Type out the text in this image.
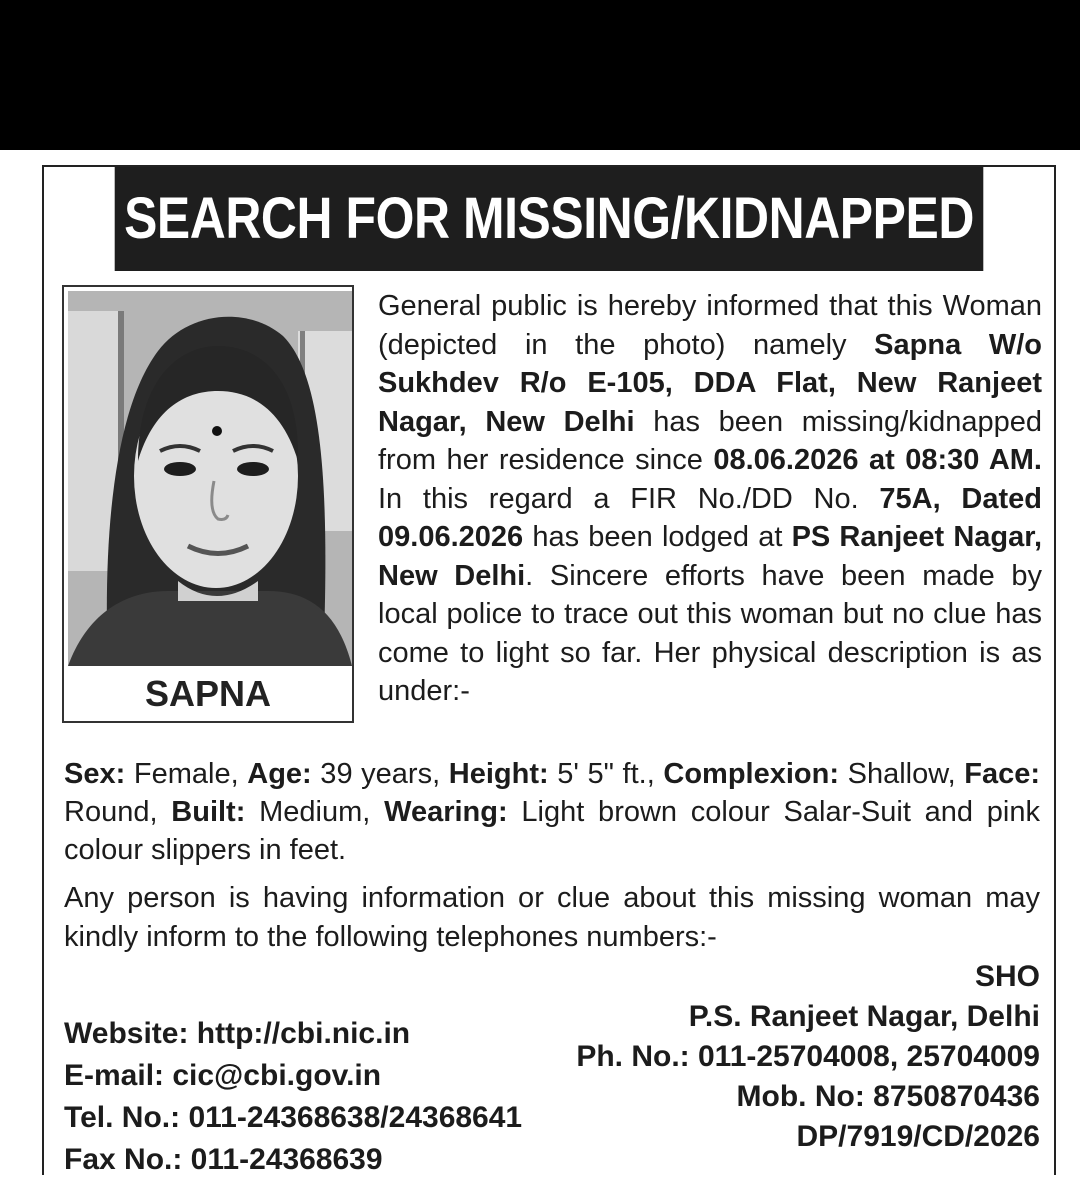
SEARCH FOR MISSING/KIDNAPPED
SAPNA
General public is hereby informed that this Woman (depicted in the photo) namely Sapna W/o Sukhdev R/o E-105, DDA Flat, New Ranjeet Nagar, New Delhi has been missing/kidnapped from her residence since 08.06.2026 at 08:30 AM. In this regard a FIR No./DD No. 75A, Dated 09.06.2026 has been lodged at PS Ranjeet Nagar, New Delhi. Sincere efforts have been made by local police to trace out this woman but no clue has come to light so far. Her physical description is as under:-
Sex: Female, Age: 39 years, Height: 5' 5" ft., Complexion: Shallow, Face: Round, Built: Medium, Wearing: Light brown colour Salar-Suit and pink colour slippers in feet.
Any person is having information or clue about this missing woman may kindly inform to the following telephones numbers:-
Website: http://cbi.nic.in
E-mail: cic@cbi.gov.in
Tel. No.: 011-24368638/24368641
Fax No.: 011-24368639
SHO
P.S. Ranjeet Nagar, Delhi
Ph. No.: 011-25704008, 25704009
Mob. No: 8750870436
DP/7919/CD/2026
